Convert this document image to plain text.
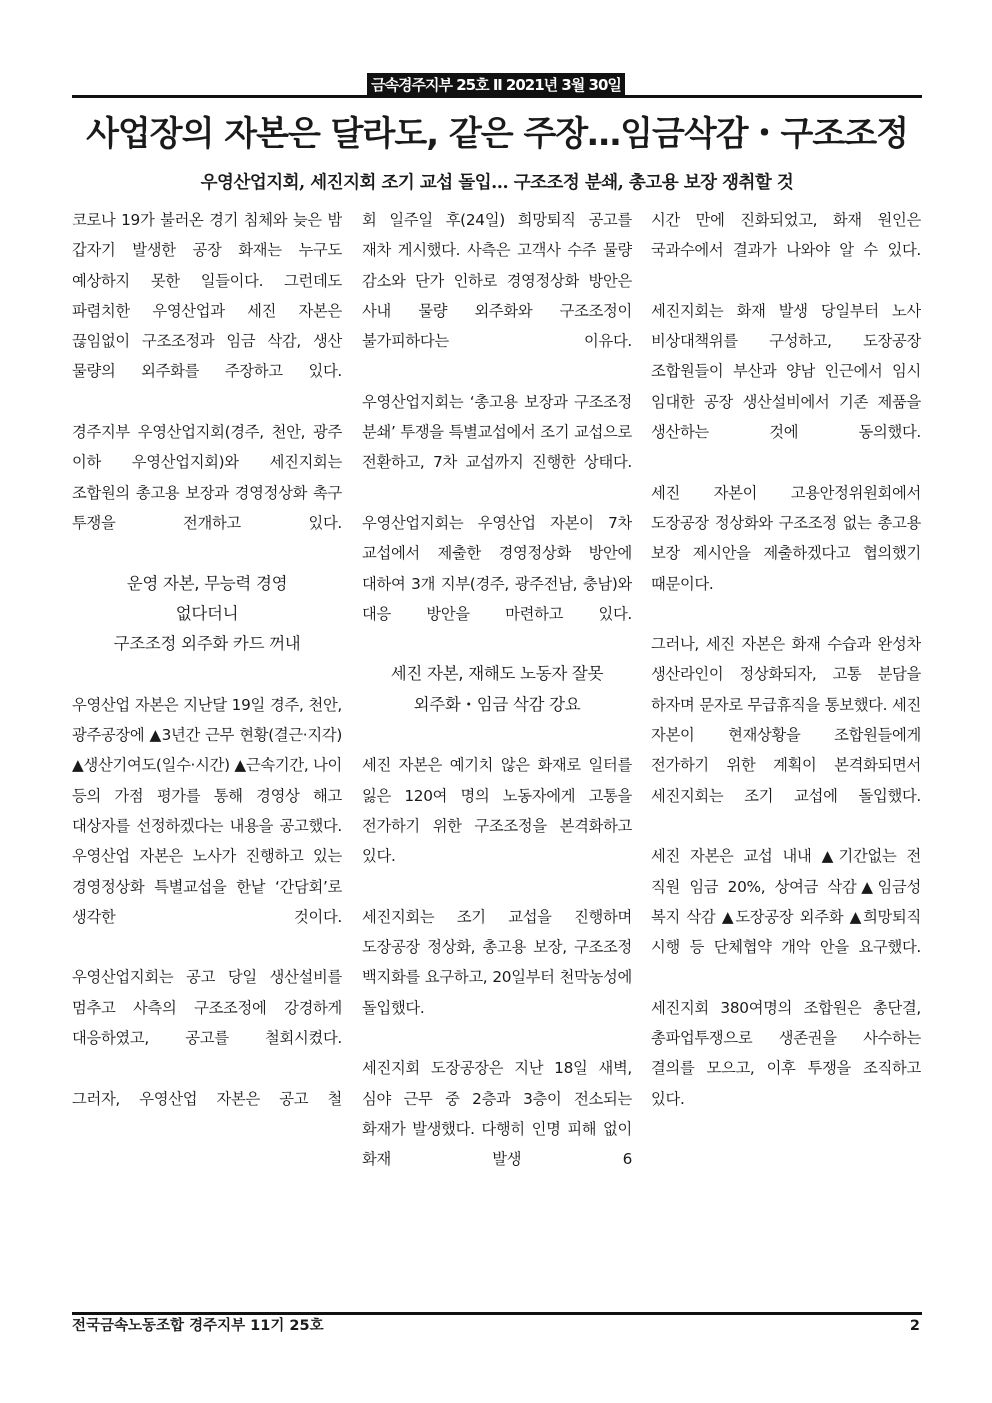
금속경주지부 25호 Ⅱ 2021년 3월 30일
사업장의 자본은 달라도, 같은 주장…임금삭감・구조조정
우영산업지회, 세진지회 조기 교섭 돌입… 구조조정 분쇄, 총고용 보장 쟁취할 것

코로나 19가 불러온 경기 침체와 늦은 밤 갑자기 발생한 공장 화재는 누구도 예상하지 못한 일들이다. 그런데도 파렴치한 우영산업과 세진 자본은 끊임없이 구조조정과 임금 삭감, 생산 물량의 외주화를 주장하고 있다.

경주지부 우영산업지회(경주, 천안, 광주 이하 우영산업지회)와 세진지회는 조합원의 총고용 보장과 경영정상화 촉구 투쟁을 전개하고 있다.

운영 자본, 무능력 경영
없다더니
구조조정 외주화 카드 꺼내

우영산업 자본은 지난달 19일 경주, 천안, 광주공장에 ▲3년간 근무 현황(결근·지각) ▲생산기여도(일수·시간) ▲근속기간, 나이 등의 가점 평가를 통해 경영상 해고 대상자를 선정하겠다는 내용을 공고했다. 우영산업 자본은 노사가 진행하고 있는 경영정상화 특별교섭을 한낱 ‘간담회’로 생각한 것이다.

우영산업지회는 공고 당일 생산설비를 멈추고 사측의 구조조정에 강경하게 대응하였고, 공고를 철회시켰다.

그러자, 우영산업 자본은 공고 철

회 일주일 후(24일) 희망퇴직 공고를 재차 게시했다. 사측은 고객사 수주 물량 감소와 단가 인하로 경영정상화 방안은 사내 물량 외주화와 구조조정이 불가피하다는 이유다.

우영산업지회는 ‘총고용 보장과 구조조정 분쇄’ 투쟁을 특별교섭에서 조기 교섭으로 전환하고, 7차 교섭까지 진행한 상태다.

우영산업지회는 우영산업 자본이 7차 교섭에서 제출한 경영정상화 방안에 대하여 3개 지부(경주, 광주전남, 충남)와 대응 방안을 마련하고 있다.

세진 자본, 재해도 노동자 잘못
외주화・임금 삭감 강요

세진 자본은 예기치 않은 화재로 일터를 잃은 120여 명의 노동자에게 고통을 전가하기 위한 구조조정을 본격화하고 있다.

세진지회는 조기 교섭을 진행하며 도장공장 정상화, 총고용 보장, 구조조정 백지화를 요구하고, 20일부터 천막농성에 돌입했다.

세진지회 도장공장은 지난 18일 새벽, 심야 근무 중 2층과 3층이 전소되는 화재가 발생했다. 다행히 인명 피해 없이 화재 발생 6

시간 만에 진화되었고, 화재 원인은 국과수에서 결과가 나와야 알 수 있다.

세진지회는 화재 발생 당일부터 노사 비상대책위를 구성하고, 도장공장 조합원들이 부산과 양남 인근에서 임시 임대한 공장 생산설비에서 기존 제품을 생산하는 것에 동의했다.

세진 자본이 고용안정위원회에서 도장공장 정상화와 구조조정 없는 총고용 보장 제시안을 제출하겠다고 협의했기 때문이다.

그러나, 세진 자본은 화재 수습과 완성차 생산라인이 정상화되자, 고통 분담을 하자며 문자로 무급휴직을 통보했다. 세진 자본이 현재상황을 조합원들에게 전가하기 위한 계획이 본격화되면서 세진지회는 조기 교섭에 돌입했다.

세진 자본은 교섭 내내 ▲기간없는 전 직원 임금 20%, 상여금 삭감▲임금성 복지 삭감 ▲도장공장 외주화 ▲희망퇴직 시행 등 단체협약 개악 안을 요구했다.

세진지회 380여명의 조합원은 총단결, 총파업투쟁으로 생존권을 사수하는 결의를 모으고, 이후 투쟁을 조직하고 있다.

전국금속노동조합 경주지부 11기 25호	2
